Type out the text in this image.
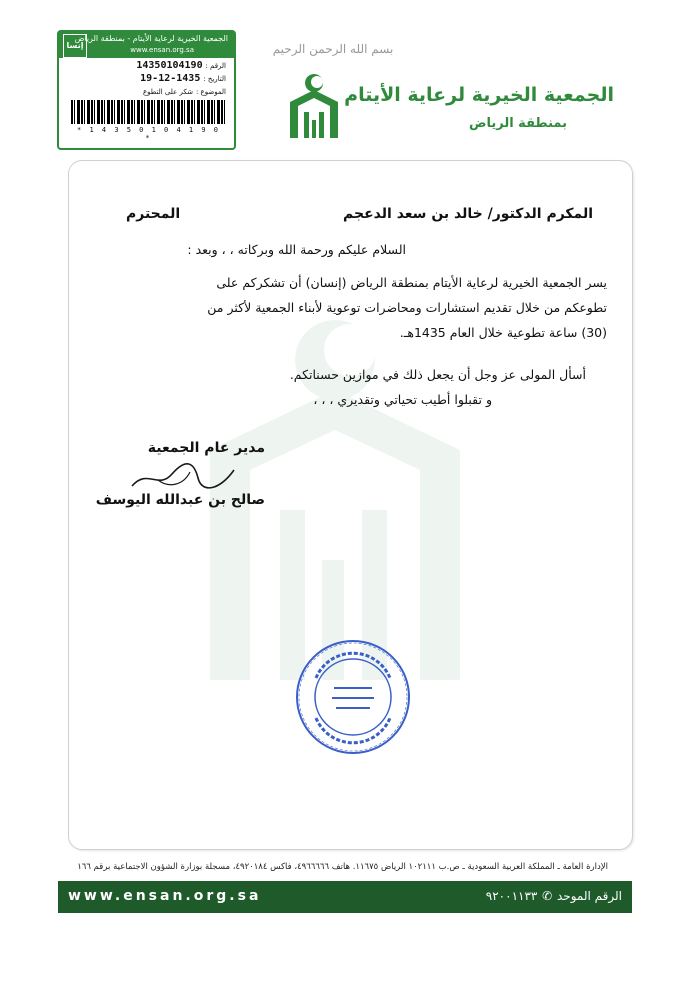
إنسا
الجمعية الخيرية لرعاية الأيتام - بمنطقة الرياض
www.ensan.org.sa
الرقم : 14350104190
التاريخ : 1435-12-19
الموضوع : شكر على التطوع
* 1 4 3 5 0 1 0 4 1 9 0 *
بسم الله الرحمن الرحيم
الجمعية الخيرية لرعاية الأيتام
بمنطقة الرياض
المكرم الدكتور/ خالد بن سعد الدعجم
المحترم
السلام عليكم ورحمة الله وبركاته ، ، وبعد :
يسر الجمعية الخيرية لرعاية الأيتام بمنطقة الرياض (إنسان) أن تشكركم على
تطوعكم من خلال تقديم استشارات ومحاضرات توعوية لأبناء الجمعية لأكثر من
(30) ساعة تطوعية خلال العام 1435هـ.
أسأل المولى عز وجل أن يجعل ذلك في موازين حسناتكم.
و تقبلوا أطيب تحياتي وتقديري ، ، ،
مدير عام الجمعية
صالح بن عبدالله اليوسف
الإدارة العامة ـ المملكة العربية السعودية ـ ص.ب ١٠٢١١١ الرياض ١١٦٧٥. هاتف ٤٩٦٦٦٦٦، فاكس ٤٩٢٠١٨٤، مسجلة بوزارة الشؤون الاجتماعية برقم ١٦٦
www.ensan.org.sa	الرقم الموحد ✆ ٩٢٠٠١١٣٣
